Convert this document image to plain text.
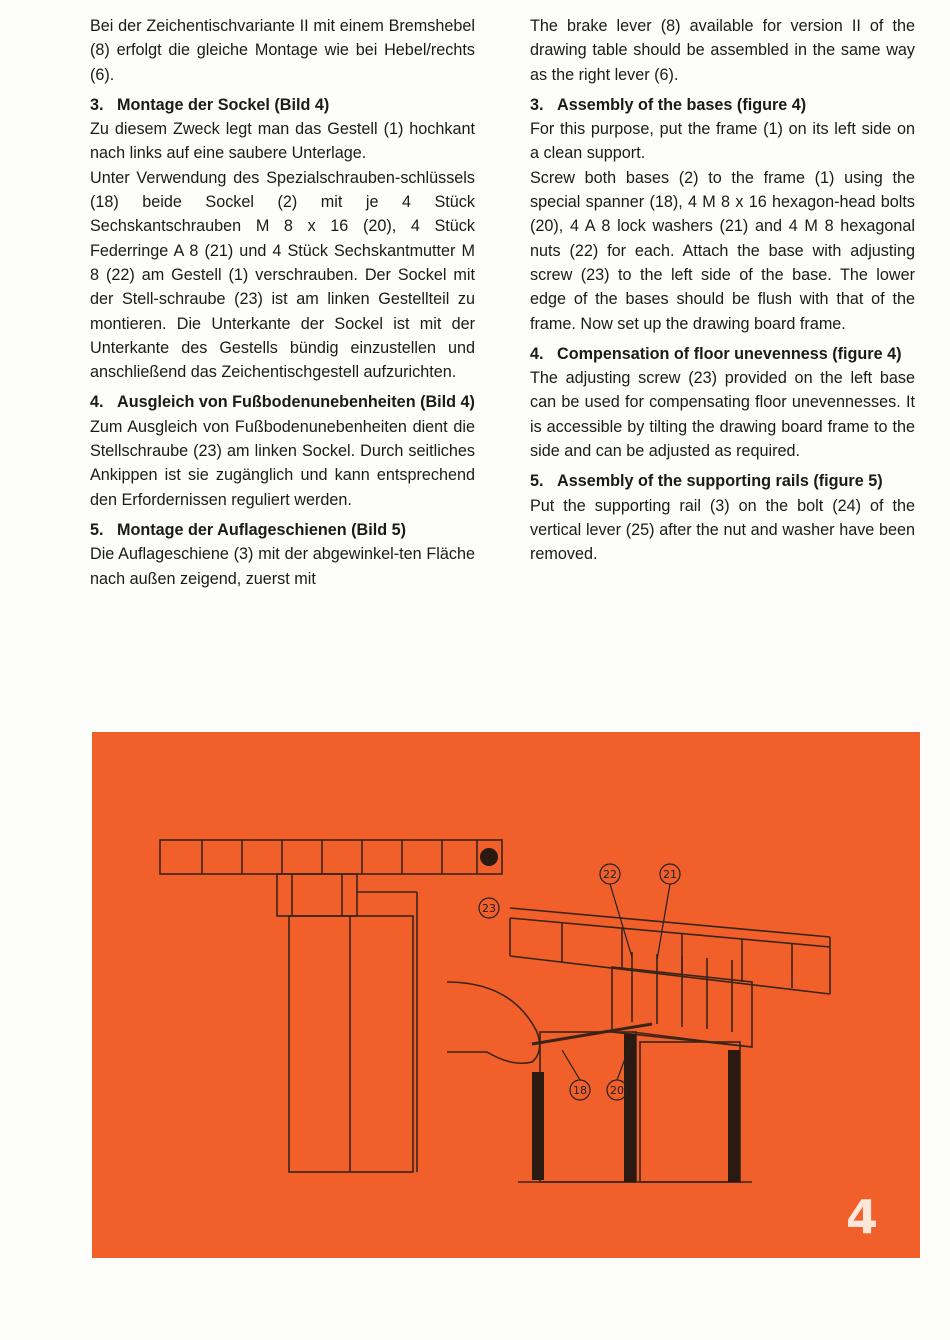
Bei der Zeichentischvariante II mit einem Bremshebel (8) erfolgt die gleiche Montage wie bei Hebel/rechts (6).

3. Montage der Sockel (Bild 4)

Zu diesem Zweck legt man das Gestell (1) hochkant nach links auf eine saubere Unterlage.

Unter Verwendung des Spezialschrauben-schlüssels (18) beide Sockel (2) mit je 4 Stück Sechskantschrauben M 8 x 16 (20), 4 Stück Federringe A 8 (21) und 4 Stück Sechskantmutter M 8 (22) am Gestell (1) verschrauben. Der Sockel mit der Stell-schraube (23) ist am linken Gestellteil zu montieren. Die Unterkante der Sockel ist mit der Unterkante des Gestells bündig einzustellen und anschließend das Zeichentischgestell aufzurichten.

4. Ausgleich von Fußbodenunebenheiten (Bild 4)

Zum Ausgleich von Fußbodenunebenheiten dient die Stellschraube (23) am linken Sockel. Durch seitliches Ankippen ist sie zugänglich und kann entsprechend den Erfordernissen reguliert werden.

5. Montage der Auflageschienen (Bild 5)

Die Auflageschiene (3) mit der abgewinkel-ten Fläche nach außen zeigend, zuerst mit

The brake lever (8) available for version II of the drawing table should be assembled in the same way as the right lever (6).

3. Assembly of the bases (figure 4)

For this purpose, put the frame (1) on its left side on a clean support.

Screw both bases (2) to the frame (1) using the special spanner (18), 4 M 8 x 16 hexagon-head bolts (20), 4 A 8 lock washers (21) and 4 M 8 hexagonal nuts (22) for each. Attach the base with adjusting screw (23) to the left side of the base. The lower edge of the bases should be flush with that of the frame. Now set up the drawing board frame.

4. Compensation of floor unevenness (figure 4)

The adjusting screw (23) provided on the left base can be used for compensating floor unevennesses. It is accessible by tilting the drawing board frame to the side and can be adjusted as required.

5. Assembly of the supporting rails (figure 5)

Put the supporting rail (3) on the bolt (24) of the vertical lever (25) after the nut and washer have been removed.

23
22	21
18 20
4
